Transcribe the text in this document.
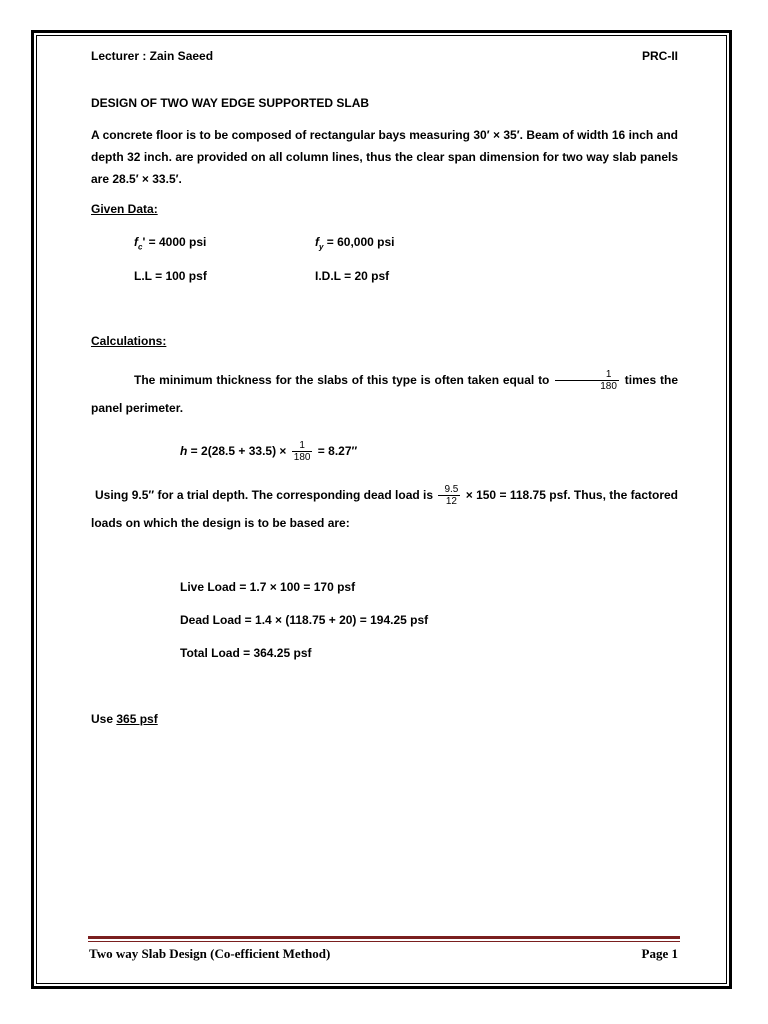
Lecturer : Zain Saeed	PRC-II
DESIGN OF TWO WAY EDGE SUPPORTED SLAB
A concrete floor is to be composed of rectangular bays measuring 30′ × 35′. Beam of width 16 inch and depth 32 inch. are provided on all column lines, thus the clear span dimension for two way slab panels are 28.5′ × 33.5′.
Given Data:
$f_c' = 4000$ psi	$f_y = 60,000$ psi
L.L = 100 psf	I.D.L = 20 psf
Calculations:
The minimum thickness for the slabs of this type is often taken equal to $\frac{1}{180}$ times the panel perimeter.
$h = 2(28.5 + 33.5) \times \frac{1}{180} = 8.27''$
Using 9.5″ for a trial depth. The corresponding dead load is $\frac{9.5}{12} \times 150 = 118.75$ psf. Thus, the factored loads on which the design is to be based are:
Live Load = 1.7 × 100 = 170 psf
Dead Load = 1.4 × (118.75 + 20) = 194.25 psf
Total Load = 364.25 psf
Use 365 psf
Two way Slab Design (Co-efficient Method)	Page 1
